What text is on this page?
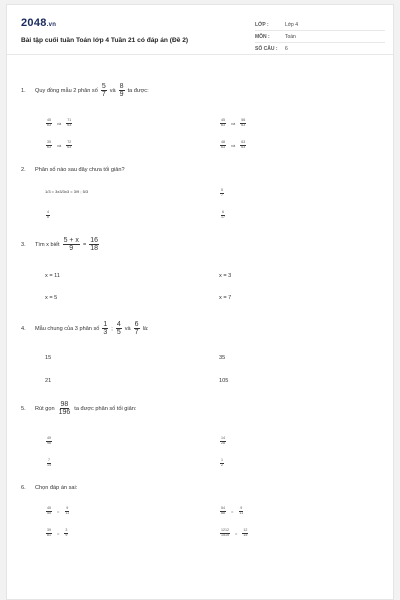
2048.vn
Bài tập cuối tuần Toán lớp 4 Tuần 21 có đáp án (Đề 2)
LỚP :	Lớp 4
MÔN :	Toán
SỐ CÂU :	6
1.	Quy đồng mẫu 2 phân số $\frac{5}{7}$ và $\frac{8}{9}$ ta được:
$\frac{45}{63}$ và $\frac{71}{63}$	$\frac{45}{63}$ và $\frac{56}{63}$
$\frac{35}{63}$ và $\frac{72}{63}$	$\frac{48}{63}$ và $\frac{63}{63}$
2.	Phân số nào sau đây chưa tối giản?
1/3 = 3x3/3x3 = 3/9 ; 5/3	$\frac{5}{7}$
$\frac{4}{8}$	$\frac{6}{17}$
3.	Tìm x biết $\frac{5 + x}{9} = \frac{16}{18}$
x = 11	x = 3
x = 5	x = 7
4.	Mẫu chung của 3 phân số $\frac{1}{3}$ ; $\frac{4}{5}$ và $\frac{6}{7}$ là:
15	35
21	105
5.	Rút gọn $\frac{98}{196}$ ta được phân số tối giản:
$\frac{49}{98}$	$\frac{14}{28}$
$\frac{7}{14}$	$\frac{1}{2}$
6.	Chọn đáp án sai:
$\frac{45}{55} = \frac{9}{11}$	$\frac{54}{88} = \frac{9}{11}$
$\frac{39}{81} = \frac{3}{9}$	$\frac{1212}{1515} = \frac{12}{15}$
